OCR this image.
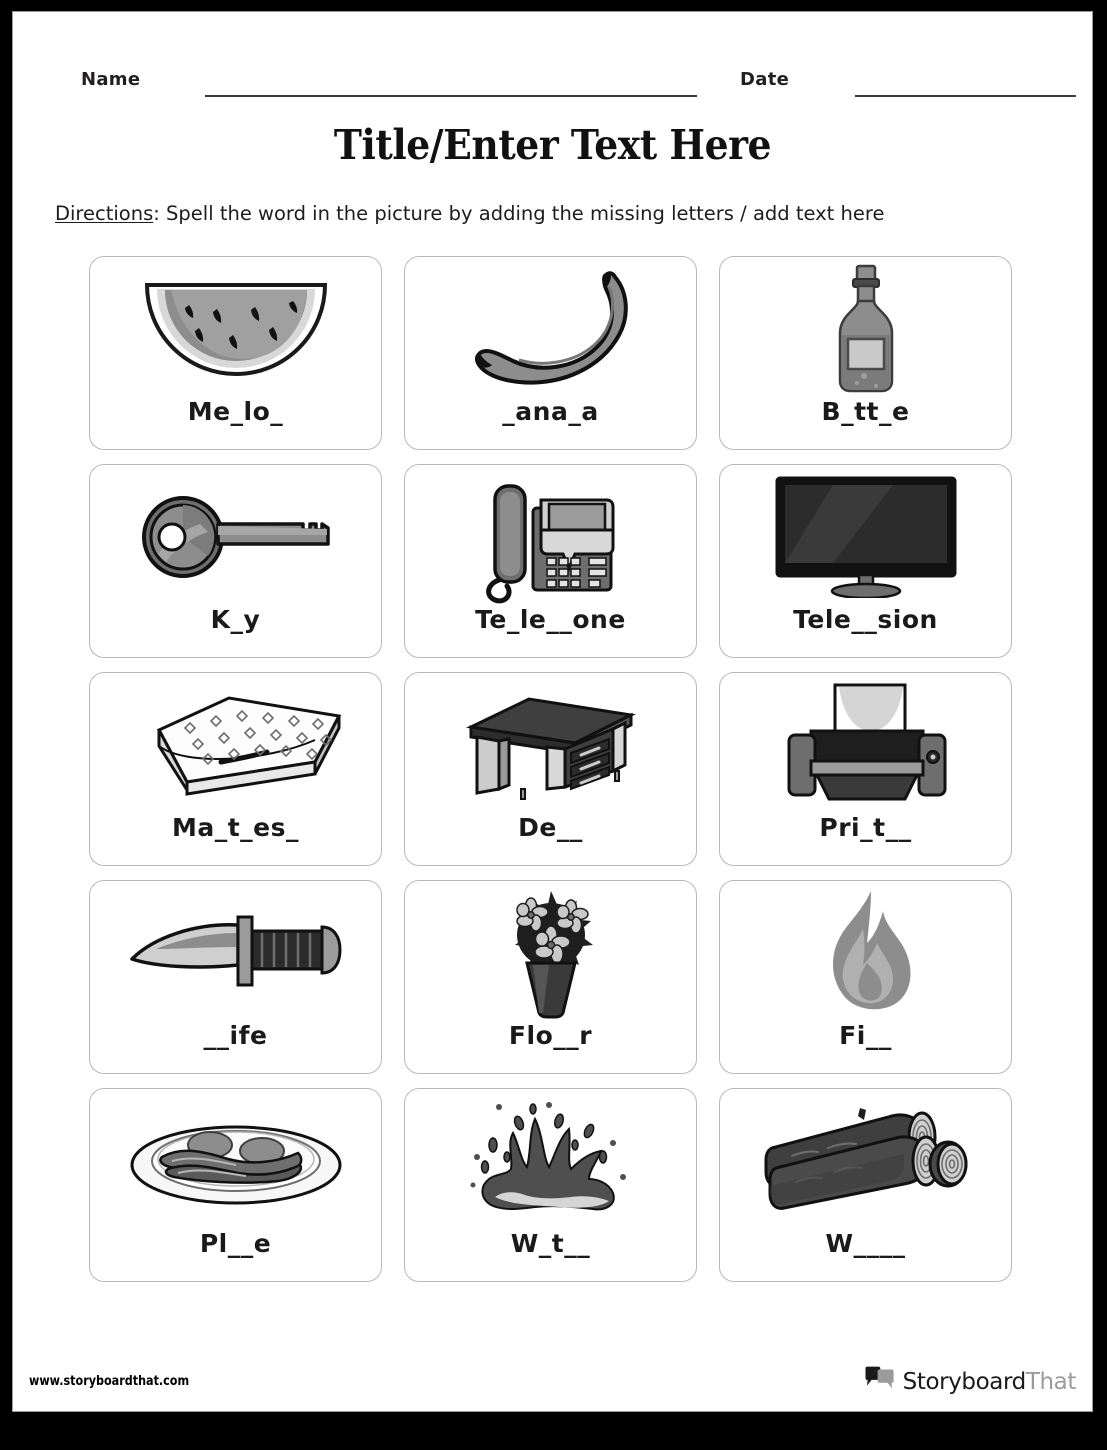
Name	Date
Title/Enter Text Here
Directions: Spell the word in the picture by adding the missing letters / add text here
Me_lo_	_ana_a	B_tt_e
K_y	Te_le__one	Tele__sion
Ma_t_es_	De__	Pri_t__
__ife	Flo__r	Fi__
Pl__e	W_t__	W____
www.storyboardthat.com	StoryboardThat
